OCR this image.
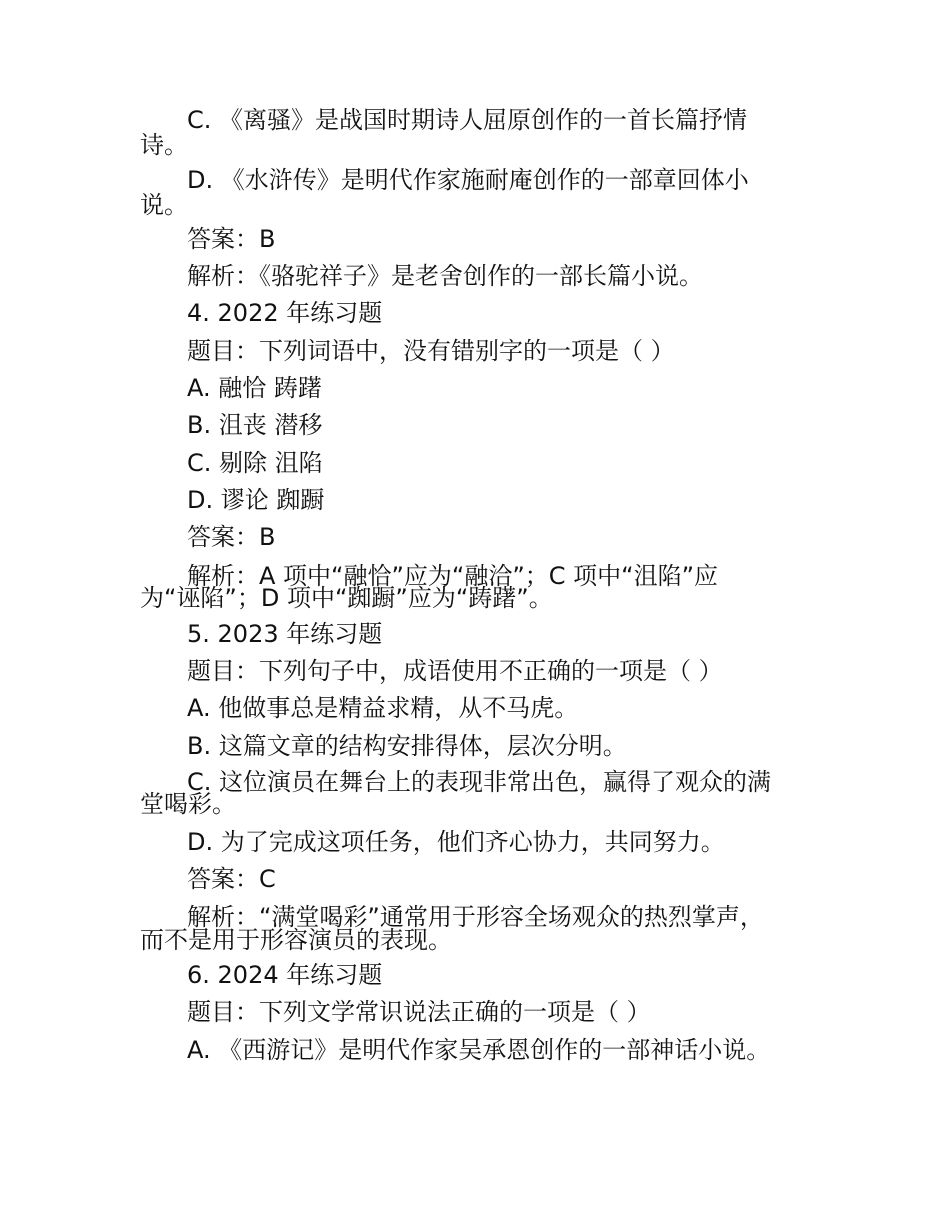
C. 《离骚》是战国时期诗人屈原创作的一首长篇抒情
诗。
D. 《水浒传》是明代作家施耐庵创作的一部章回体小
说。
答案：B
解析：《骆驼祥子》是老舍创作的一部长篇小说。
4. 2022 年练习题
题目：下列词语中，没有错别字的一项是（ ）
A. 融恰 踌躇
B. 沮丧 潜移
C. 剔除 沮陷
D. 谬论 踟蹰
答案：B
解析：A 项中“融恰”应为“融洽”；C 项中“沮陷”应
为“诬陷”；D 项中“踟蹰”应为“踌躇”。
5. 2023 年练习题
题目：下列句子中，成语使用不正确的一项是（ ）
A. 他做事总是精益求精，从不马虎。
B. 这篇文章的结构安排得体，层次分明。
C. 这位演员在舞台上的表现非常出色，赢得了观众的满
堂喝彩。
D. 为了完成这项任务，他们齐心协力，共同努力。
答案：C
解析：“满堂喝彩”通常用于形容全场观众的热烈掌声，
而不是用于形容演员的表现。
6. 2024 年练习题
题目：下列文学常识说法正确的一项是（ ）
A. 《西游记》是明代作家吴承恩创作的一部神话小说。
